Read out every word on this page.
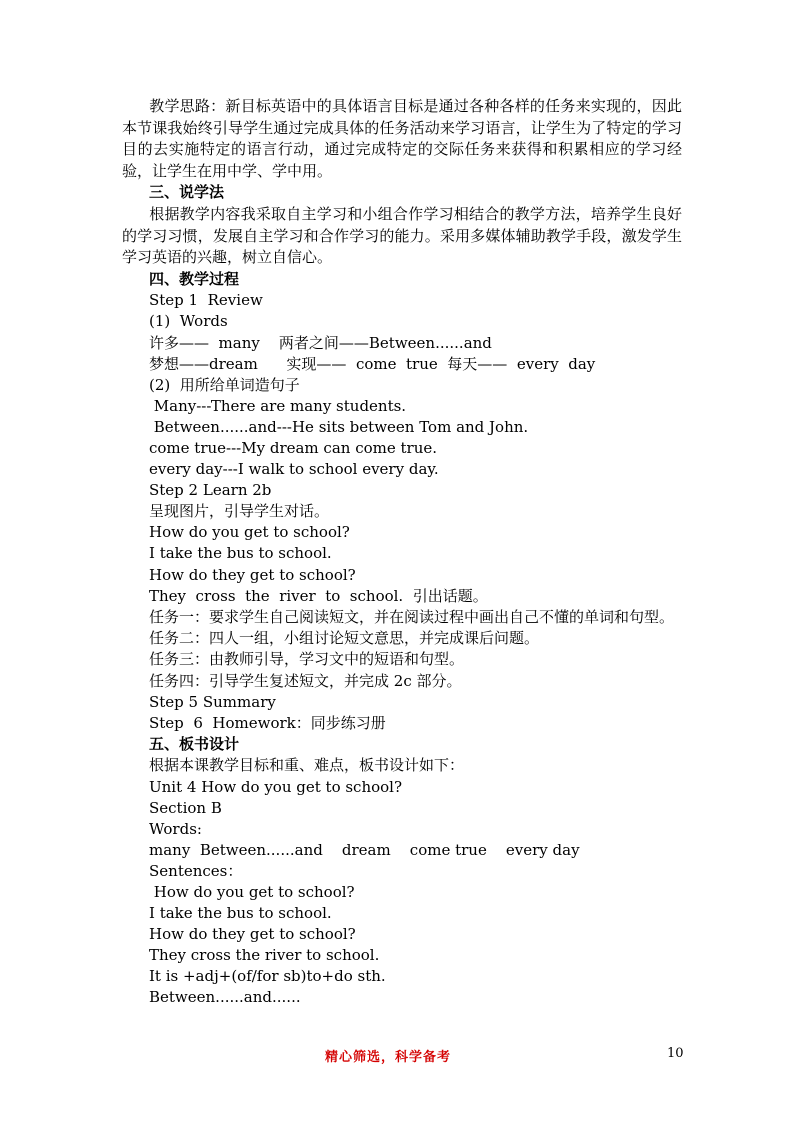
教学思路：新目标英语中的具体语言目标是通过各种各样的任务来实现的，因此本节课我始终引导学生通过完成具体的任务活动来学习语言，让学生为了特定的学习目的去实施特定的语言行动，通过完成特定的交际任务来获得和积累相应的学习经验，让学生在用中学、学中用。
三、说学法
根据教学内容我采取自主学习和小组合作学习相结合的教学方法，培养学生良好的学习习惯，发展自主学习和合作学习的能力。采用多媒体辅助教学手段，激发学生学习英语的兴趣，树立自信心。
四、教学过程
Step 1  Review
(1)  Words
许多——  many    两者之间——Between......and
梦想——dream      实现——  come  true  每天——  every  day
(2)  用所给单词造句子
Many---There are many students.
Between......and---He sits between Tom and John.
come true---My dream can come true.
every day---I walk to school every day.
Step 2 Learn 2b
呈现图片，引导学生对话。
How do you get to school?
I take the bus to school.
How do they get to school?
They  cross  the  river  to  school.  引出话题。
任务一：要求学生自己阅读短文，并在阅读过程中画出自己不懂的单词和句型。
任务二：四人一组，小组讨论短文意思，并完成课后问题。
任务三：由教师引导，学习文中的短语和句型。
任务四：引导学生复述短文，并完成 2c 部分。
Step 5 Summary
Step  6  Homework：同步练习册
五、板书设计
根据本课教学目标和重、难点，板书设计如下：
Unit 4 How do you get to school?
Section B
Words:
many  Between......and    dream    come true    every day
Sentences：
How do you get to school?
I take the bus to school.
How do they get to school?
They cross the river to school.
It is +adj+(of/for sb)to+do sth.
Between......and......
精心筛选，科学备考	10
